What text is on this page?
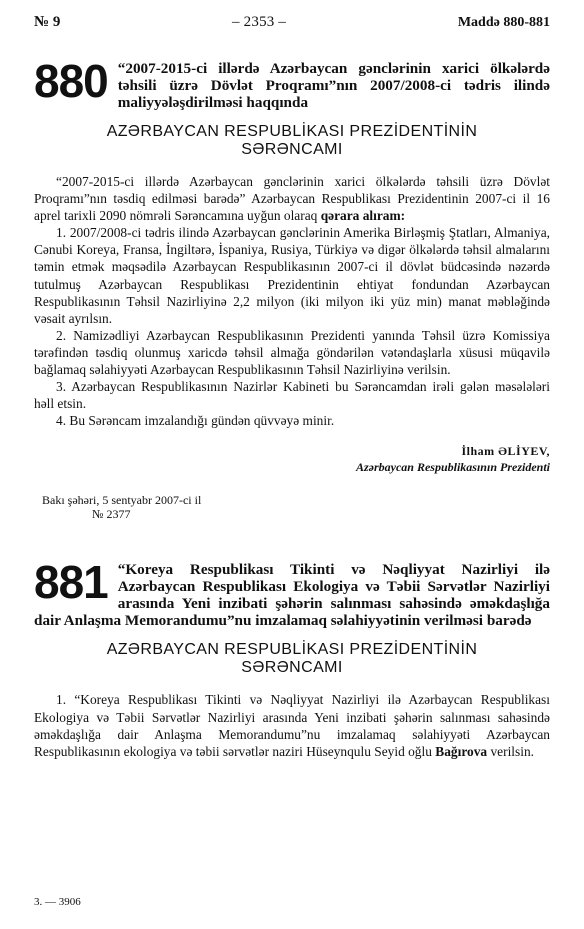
№ 9	– 2353 –	Maddə 880-881
880 “2007-2015-ci illərdə Azərbaycan gənclərinin xarici ölkələrdə təhsili üzrə Dövlət Proqramı”nın 2007/2008-ci tədris ilində maliyyələşdirilməsi haqqında
AZƏRBAYCAN RESPUBLİKASI PREZİDENTİNİN
SƏRƏNCAMI

“2007-2015-ci illərdə Azərbaycan gənclərinin xarici ölkələrdə təhsili üzrə Dövlət Proqramı”nın təsdiq edilməsi barədə” Azərbaycan Respublikası Prezidentinin 2007-ci il 16 aprel tarixli 2090 nömrəli Sərəncamına uyğun olaraq qərara alıram:

1. 2007/2008-ci tədris ilində Azərbaycan gənclərinin Amerika Birləşmiş Ştatları, Almaniya, Cənubi Koreya, Fransa, İngiltərə, İspaniya, Rusiya, Türkiyə və digər ölkələrdə təhsil almalarını təmin etmək məqsədilə Azərbaycan Respublikasının 2007-ci il dövlət büdcəsində nəzərdə tutulmuş Azərbaycan Respublikası Prezidentinin ehtiyat fondundan Azərbaycan Respublikasının Təhsil Nazirliyinə 2,2 milyon (iki milyon iki yüz min) manat məbləğində vəsait ayrılsın.

2. Namizədliyi Azərbaycan Respublikasının Prezidenti yanında Təhsil üzrə Komissiya tərəfindən təsdiq olunmuş xaricdə təhsil almağa göndərilən vətəndaşlarla xüsusi müqavilə bağlamaq səlahiyyəti Azərbaycan Respublikasının Təhsil Nazirliyinə verilsin.

3. Azərbaycan Respublikasının Nazirlər Kabineti bu Sərəncamdan irəli gələn məsələləri həll etsin.

4. Bu Sərəncam imzalandığı gündən qüvvəyə minir.

İlham ƏLİYEV,
Azərbaycan Respublikasının Prezidenti
Bakı şəhəri, 5 sentyabr 2007-ci il
№ 2377
881 “Koreya Respublikası Tikinti və Nəqliyyat Nazirliyi ilə Azərbaycan Respublikası Ekologiya və Təbii Sərvətlər Nazirliyi arasında Yeni inzibati şəhərin salınması sahəsində əməkdaşlığa dair Anlaşma Memorandumu”nu imzalamaq səlahiyyətinin verilməsi barədə
AZƏRBAYCAN RESPUBLİKASI PREZİDENTİNİN
SƏRƏNCAMI

1. “Koreya Respublikası Tikinti və Nəqliyyat Nazirliyi ilə Azərbaycan Respublikası Ekologiya və Təbii Sərvətlər Nazirliyi arasında Yeni inzibati şəhərin salınması sahəsində əməkdaşlığa dair Anlaşma Memorandumu”nu imzalamaq səlahiyyəti Azərbaycan Respublikasının ekologiya və təbii sərvətlər naziri Hüseynqulu Seyid oğlu Bağırova verilsin.

3. — 3906
